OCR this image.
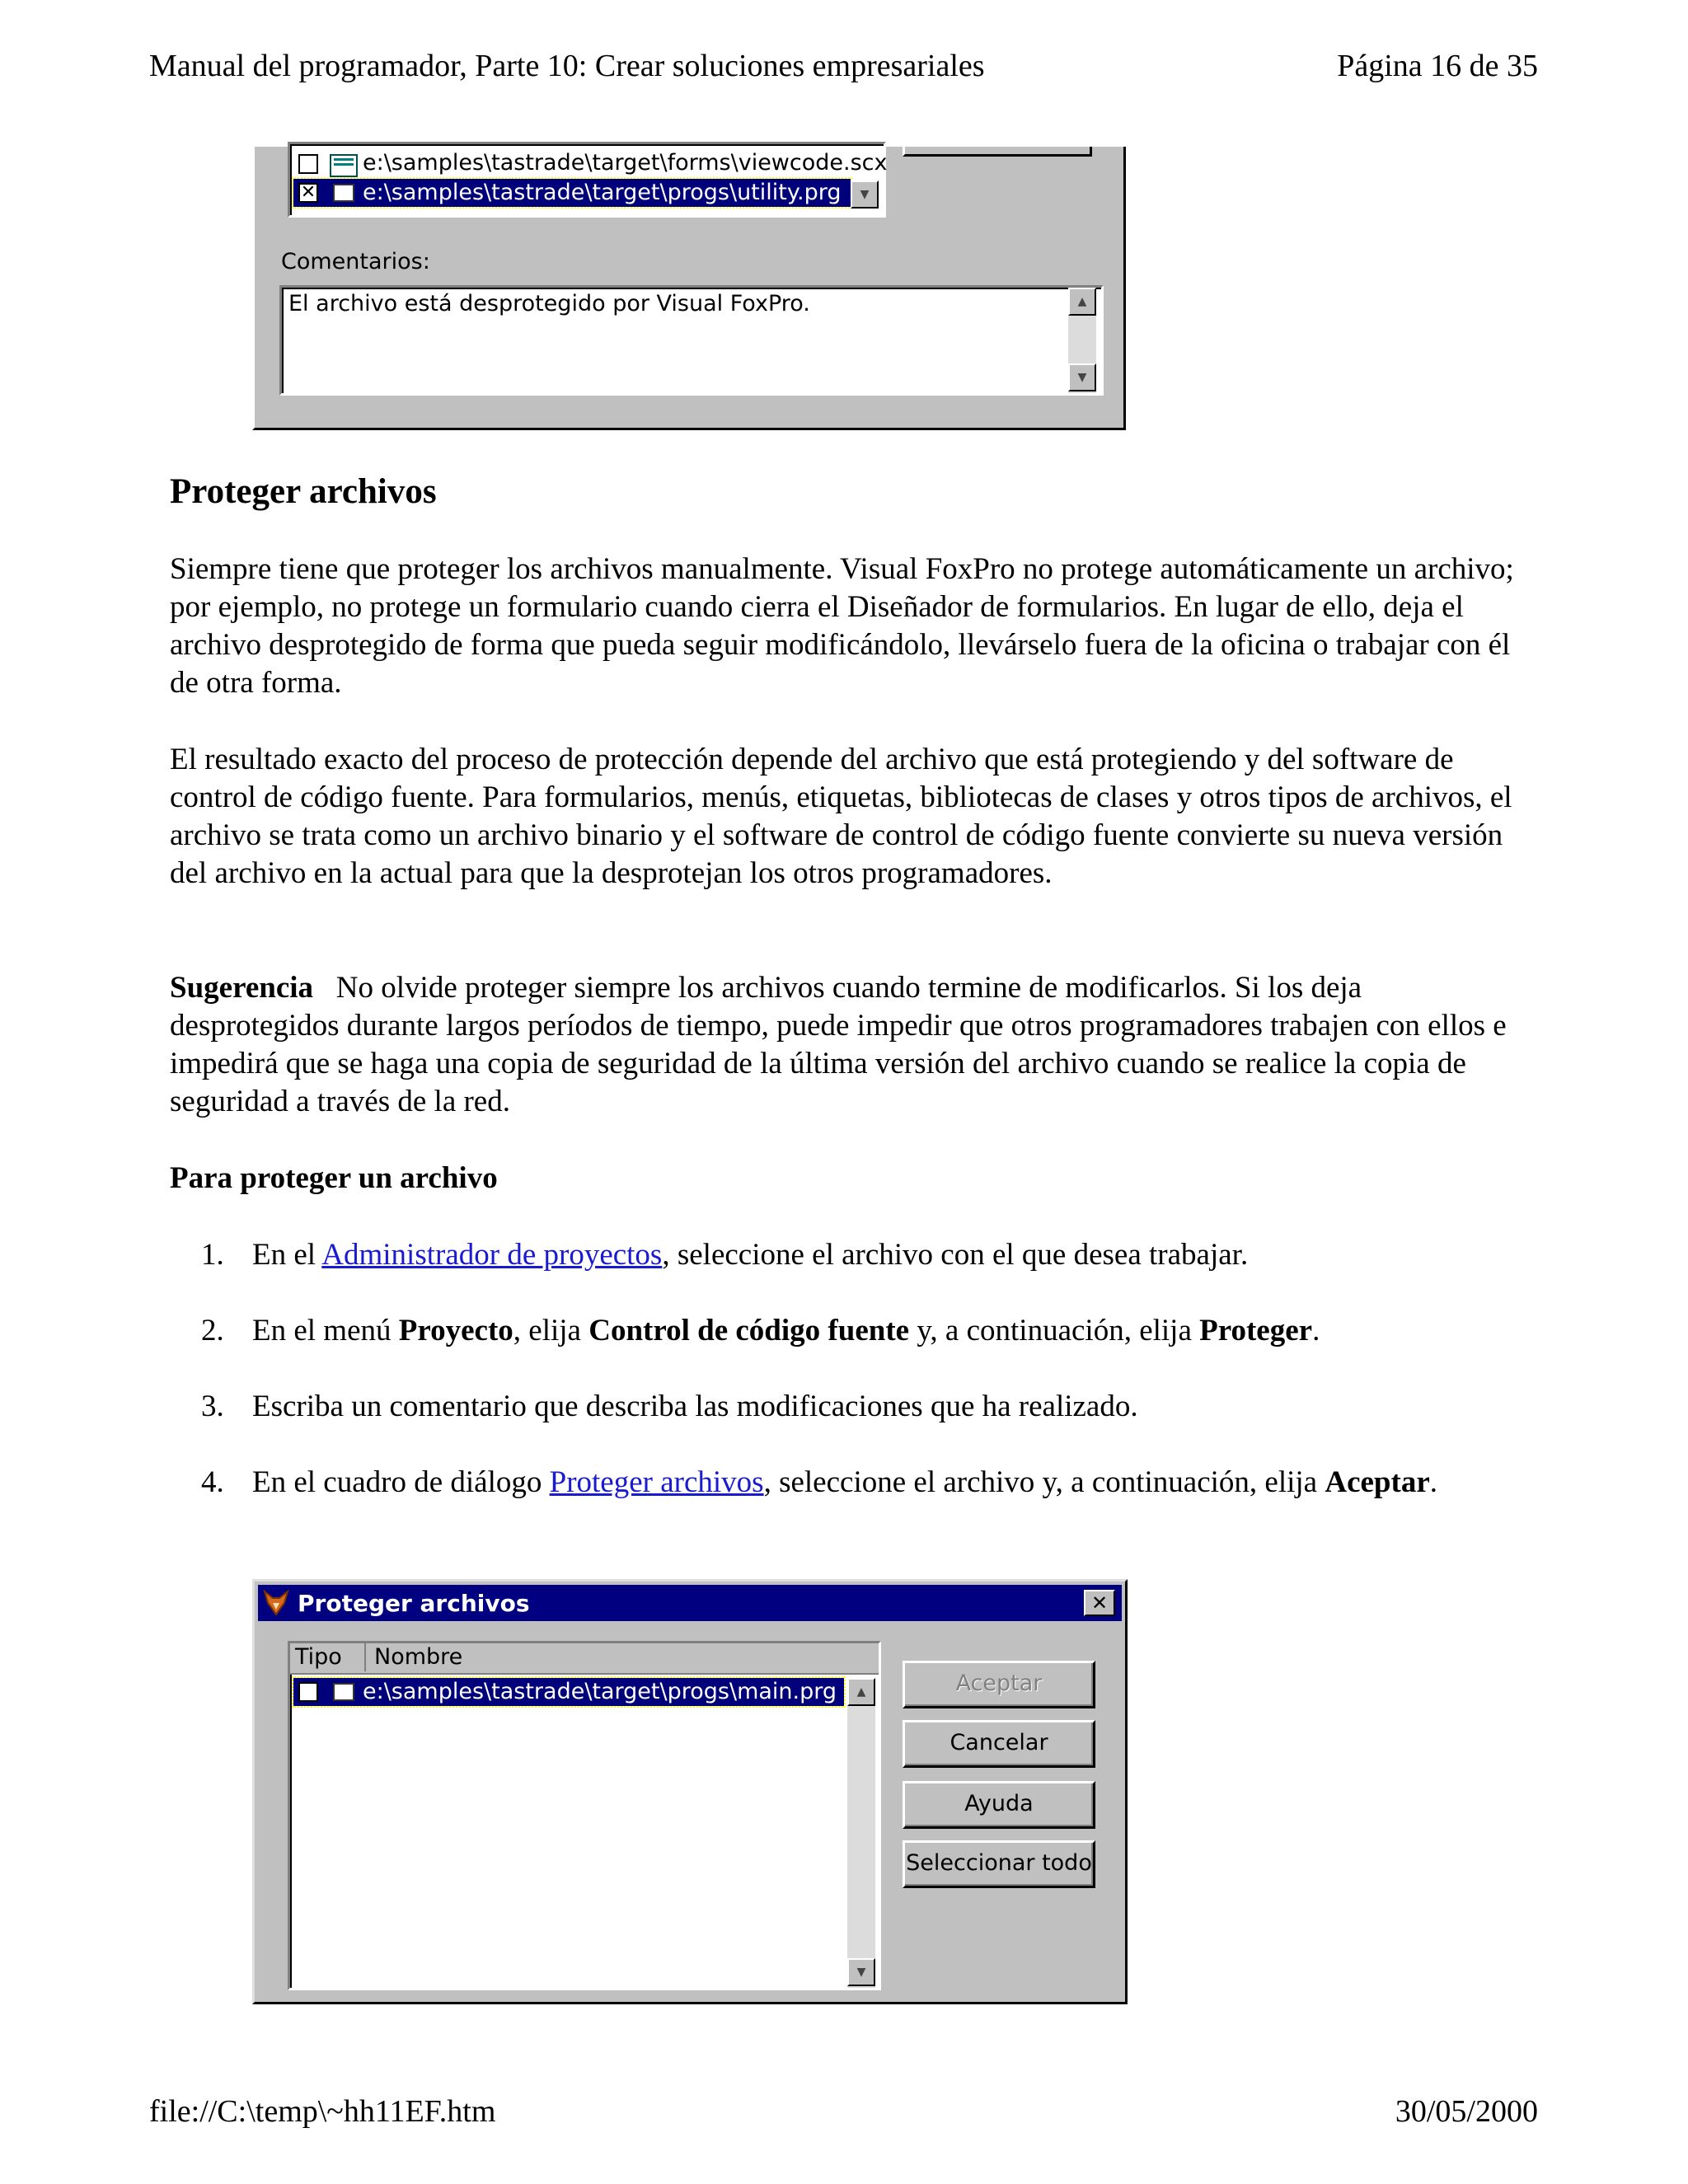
Manual del programador, Parte 10: Crear soluciones empresariales	Página 16 de 35
e:\samples\tastrade\target\forms\viewcode.scx
✕ e:\samples\tastrade\target\progs\utility.prg	▼
Comentarios:
El archivo está desprotegido por Visual FoxPro.	▲
▼
Proteger archivos

Siempre tiene que proteger los archivos manualmente. Visual FoxPro no protege automáticamente un archivo; por ejemplo, no protege un formulario cuando cierra el Diseñador de formularios. En lugar de ello, deja el archivo desprotegido de forma que pueda seguir modificándolo, llevárselo fuera de la oficina o trabajar con él de otra forma.

El resultado exacto del proceso de protección depende del archivo que está protegiendo y del software de control de código fuente. Para formularios, menús, etiquetas, bibliotecas de clases y otros tipos de archivos, el archivo se trata como un archivo binario y el software de control de código fuente convierte su nueva versión del archivo en la actual para que la desprotejan los otros programadores.

Sugerencia No olvide proteger siempre los archivos cuando termine de modificarlos. Si los deja desprotegidos durante largos períodos de tiempo, puede impedir que otros programadores trabajen con ellos e impedirá que se haga una copia de seguridad de la última versión del archivo cuando se realice la copia de seguridad a través de la red.

Para proteger un archivo

1. En el Administrador de proyectos, seleccione el archivo con el que desea trabajar.
2. En el menú Proyecto, elija Control de código fuente y, a continuación, elija Proteger.
3. Escriba un comentario que describa las modificaciones que ha realizado.
4. En el cuadro de diálogo Proteger archivos, seleccione el archivo y, a continuación, elija Aceptar.
Proteger archivos	✕
Tipo	Nombre
e:\samples\tastrade\target\progs\main.prg	▲
▼
Aceptar
Cancelar
Ayuda
Seleccionar todo
file://C:\temp\~hh11EF.htm	30/05/2000
